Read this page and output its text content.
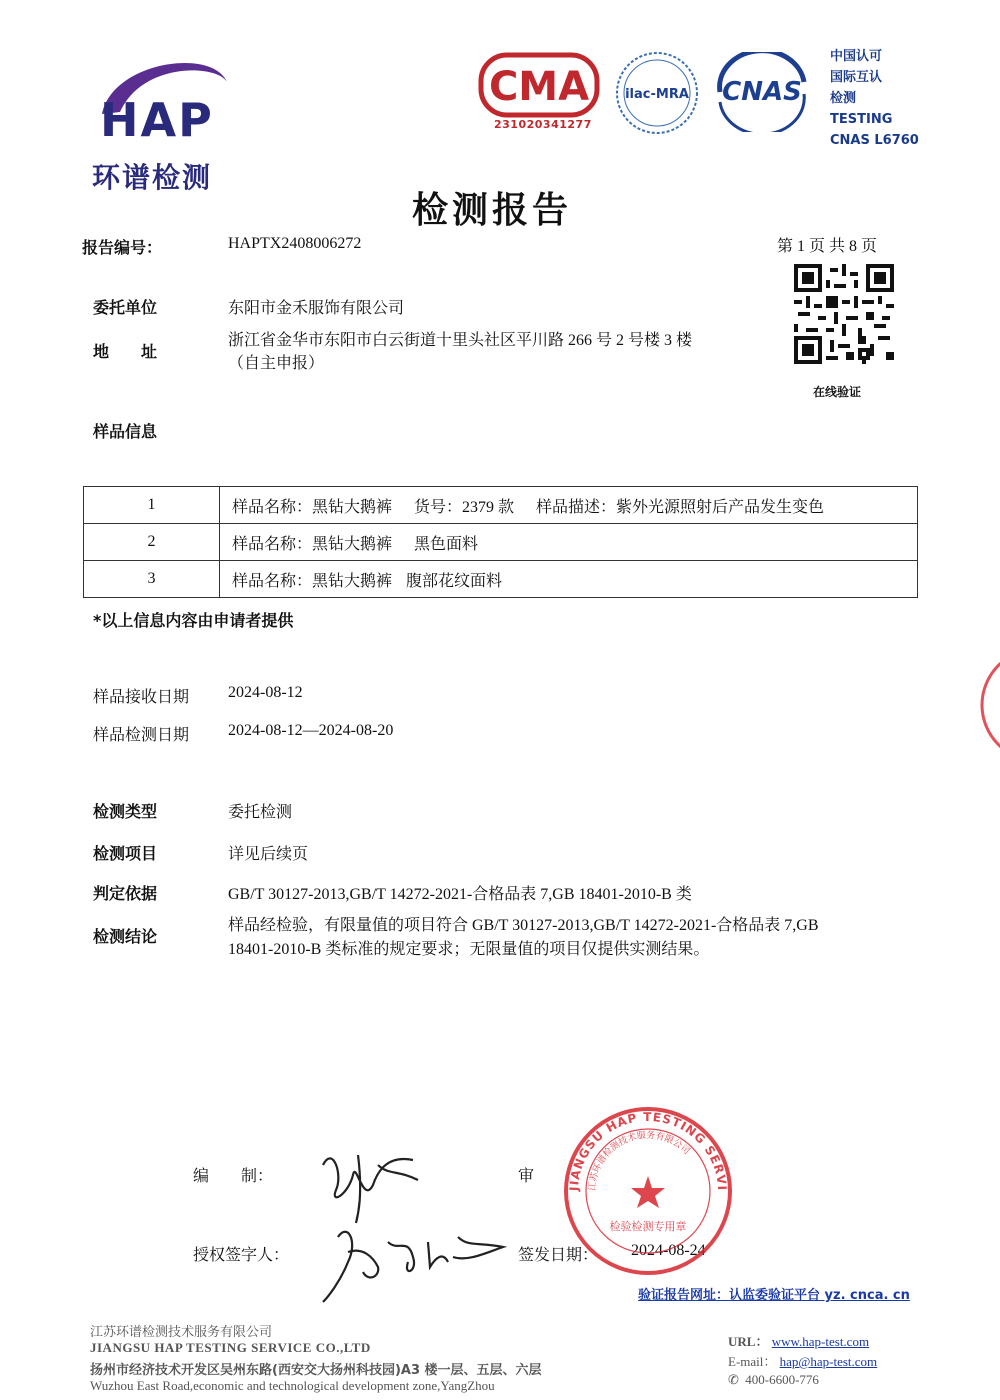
HAP
环谱检测
CMA
231020341277
ilac-MRA CNAS
中国认可
国际互认
检测
TESTING
CNAS L6760
检测报告
报告编号：	HAPTX2408006272	第 1 页 共 8 页
在线验证
委托单位	东阳市金禾服饰有限公司
地　　址
浙江省金华市东阳市白云街道十里头社区平川路 266 号 2 号楼 3 楼
（自主申报）
样品信息
1	样品名称：黑钻大鹅裤 货号：2379 款 样品描述：紫外光源照射后产品发生变色
2	样品名称：黑钻大鹅裤 黑色面料
3	样品名称：黑钻大鹅裤 腹部花纹面料
*以上信息内容由申请者提供
样品接收日期 2024-08-12
样品检测日期 2024-08-12—2024-08-20
检测类型	委托检测
检测项目	详见后续页
判定依据	GB/T 30127-2013,GB/T 14272-2021-合格品表 7,GB 18401-2010-B 类
检测结论
样品经检验，有限量值的项目符合 GB/T 30127-2013,GB/T 14272-2021-合格品表 7,GB
18401-2010-B 类标准的规定要求；无限量值的项目仅提供实测结果。
编　　制：	审
授权签字人：	签发日期： 2024-08-24
JIANGSU HAP TESTING SERVI
江苏环谱检测技术服务有限公司
检验检测专用章
验证报告网址：认监委验证平台 yz. cnca. cn
江苏环谱检测技术服务有限公司
JIANGSU HAP TESTING SERVICE CO.,LTD
扬州市经济技术开发区吴州东路(西安交大扬州科技园)A3 楼一层、五层、六层
Wuzhou East Road,economic and technological development zone,YangZhou
URL： www.hap-test.com
E-mail： hap@hap-test.com
✆ 400-6600-776
